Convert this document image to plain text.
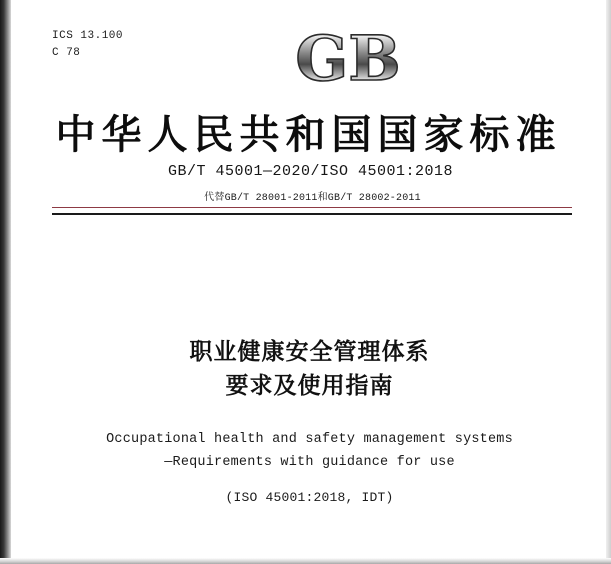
ICS 13.100
C 78	GB
中华人民共和国国家标准
GB/T 45001—2020/ISO 45001:2018
代替GB/T 28001-2011和GB/T 28002-2011
职业健康安全管理体系
要求及使用指南
Occupational health and safety management systems
—Requirements with guidance for use
(ISO 45001:2018, IDT)
